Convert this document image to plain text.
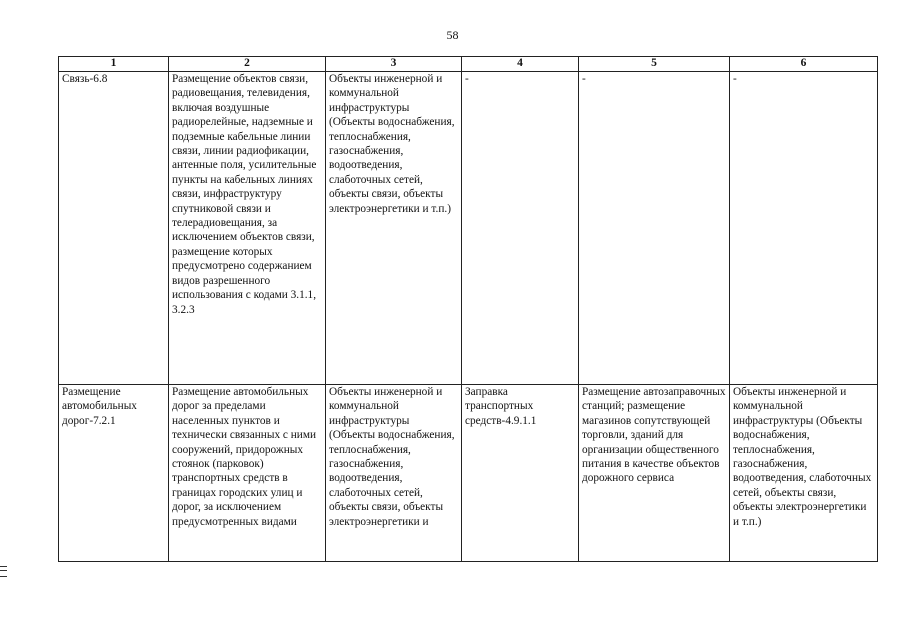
58
1	2	3	4	5	6
Связь-6.8	Размещение объектов связи, радиовещания, телевидения, включая воздушные радиорелейные, надземные и подземные кабельные линии связи, линии радиофикации, антенные поля, усилительные пункты на кабельных линиях связи, инфраструктуру спутниковой связи и телерадиовещания, за исключением объектов связи, размещение которых предусмотрено содержанием видов разрешенного использования с кодами 3.1.1, 3.2.3	Объекты инженерной и коммунальной инфраструктуры (Объекты водоснабжения, теплоснабжения, газоснабжения, водоотведения, слаботочных сетей, объекты связи, объекты электроэнергетики и т.п.)	-	-	-
Размещение автомобильных дорог-7.2.1	Размещение автомобильных дорог за пределами населенных пунктов и технически связанных с ними сооружений, придорожных стоянок (парковок) транспортных средств в границах городских улиц и дорог, за исключением предусмотренных видами	Объекты инженерной и коммунальной инфраструктуры (Объекты водоснабжения, теплоснабжения, газоснабжения, водоотведения, слаботочных сетей, объекты связи, объекты электроэнергетики и	Заправка транспортных средств-4.9.1.1	Размещение автозаправочных станций; размещение магазинов сопутствующей торговли, зданий для организации общественного питания в качестве объектов дорожного сервиса	Объекты инженерной и коммунальной инфраструктуры (Объекты водоснабжения, теплоснабжения, газоснабжения, водоотведения, слаботочных сетей, объекты связи, объекты электроэнергетики и т.п.)
